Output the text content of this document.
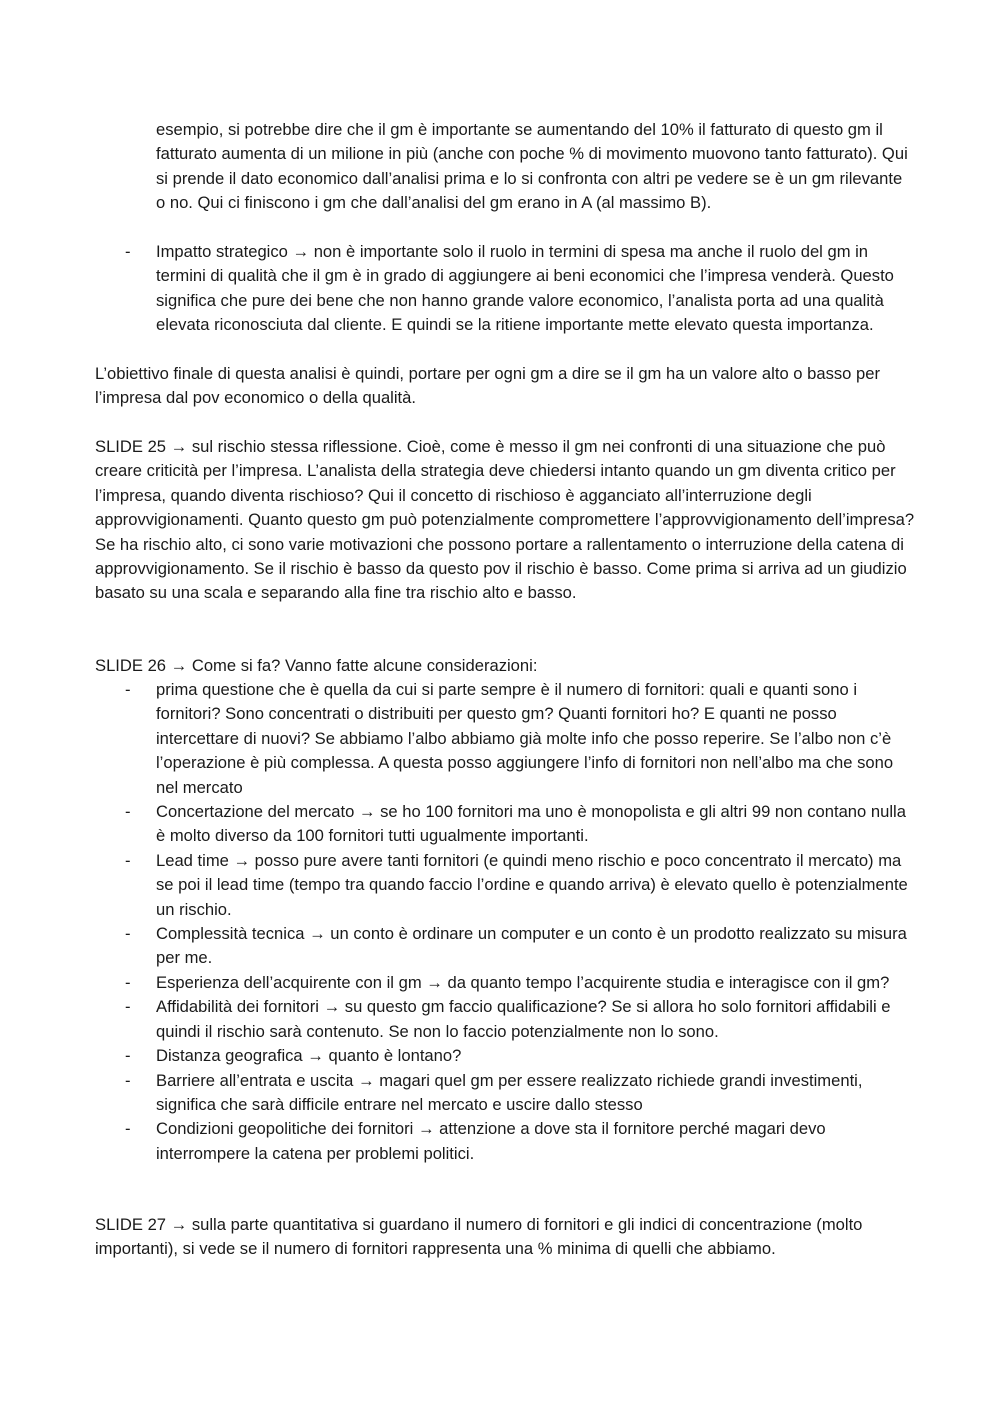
esempio, si potrebbe dire che il gm è importante se aumentando del 10% il fatturato di questo gm il fatturato aumenta di un milione in più (anche con poche % di movimento muovono tanto fatturato). Qui si prende il dato economico dall’analisi prima e lo si confronta con altri pe vedere se è un gm rilevante o no. Qui ci finiscono i gm che dall’analisi del gm erano in A (al massimo B).

- Impatto strategico → non è importante solo il ruolo in termini di spesa ma anche il ruolo del gm in termini di qualità che il gm è in grado di aggiungere ai beni economici che l’impresa venderà. Questo significa che pure dei bene che non hanno grande valore economico, l’analista porta ad una qualità elevata riconosciuta dal cliente. E quindi se la ritiene importante mette elevato questa importanza.

L’obiettivo finale di questa analisi è quindi, portare per ogni gm a dire se il gm ha un valore alto o basso per l’impresa dal pov economico o della qualità.

SLIDE 25 → sul rischio stessa riflessione. Cioè, come è messo il gm nei confronti di una situazione che può creare criticità per l’impresa. L’analista della strategia deve chiedersi intanto quando un gm diventa critico per l’impresa, quando diventa rischioso? Qui il concetto di rischioso è agganciato all’interruzione degli approvvigionamenti. Quanto questo gm può potenzialmente compromettere l’approvvigionamento dell’impresa? Se ha rischio alto, ci sono varie motivazioni che possono portare a rallentamento o interruzione della catena di approvvigionamento. Se il rischio è basso da questo pov il rischio è basso. Come prima si arriva ad un giudizio basato su una scala e separando alla fine tra rischio alto e basso.

SLIDE 26 → Come si fa? Vanno fatte alcune considerazioni:

- prima questione che è quella da cui si parte sempre è il numero di fornitori: quali e quanti sono i fornitori? Sono concentrati o distribuiti per questo gm? Quanti fornitori ho? E quanti ne posso intercettare di nuovi? Se abbiamo l’albo abbiamo già molte info che posso reperire. Se l’albo non c’è l’operazione è più complessa. A questa posso aggiungere l’info di fornitori non nell’albo ma che sono nel mercato
- Concertazione del mercato → se ho 100 fornitori ma uno è monopolista e gli altri 99 non contano nulla è molto diverso da 100 fornitori tutti ugualmente importanti.
- Lead time → posso pure avere tanti fornitori (e quindi meno rischio e poco concentrato il mercato) ma se poi il lead time (tempo tra quando faccio l’ordine e quando arriva) è elevato quello è potenzialmente un rischio.
- Complessità tecnica → un conto è ordinare un computer e un conto è un prodotto realizzato su misura per me.
- Esperienza dell’acquirente con il gm → da quanto tempo l’acquirente studia e interagisce con il gm?
- Affidabilità dei fornitori → su questo gm faccio qualificazione? Se si allora ho solo fornitori affidabili e quindi il rischio sarà contenuto. Se non lo faccio potenzialmente non lo sono.
- Distanza geografica → quanto è lontano?
- Barriere all’entrata e uscita → magari quel gm per essere realizzato richiede grandi investimenti, significa che sarà difficile entrare nel mercato e uscire dallo stesso
- Condizioni geopolitiche dei fornitori → attenzione a dove sta il fornitore perché magari devo interrompere la catena per problemi politici.

SLIDE 27 → sulla parte quantitativa si guardano il numero di fornitori e gli indici di concentrazione (molto importanti), si vede se il numero di fornitori rappresenta una % minima di quelli che abbiamo.
